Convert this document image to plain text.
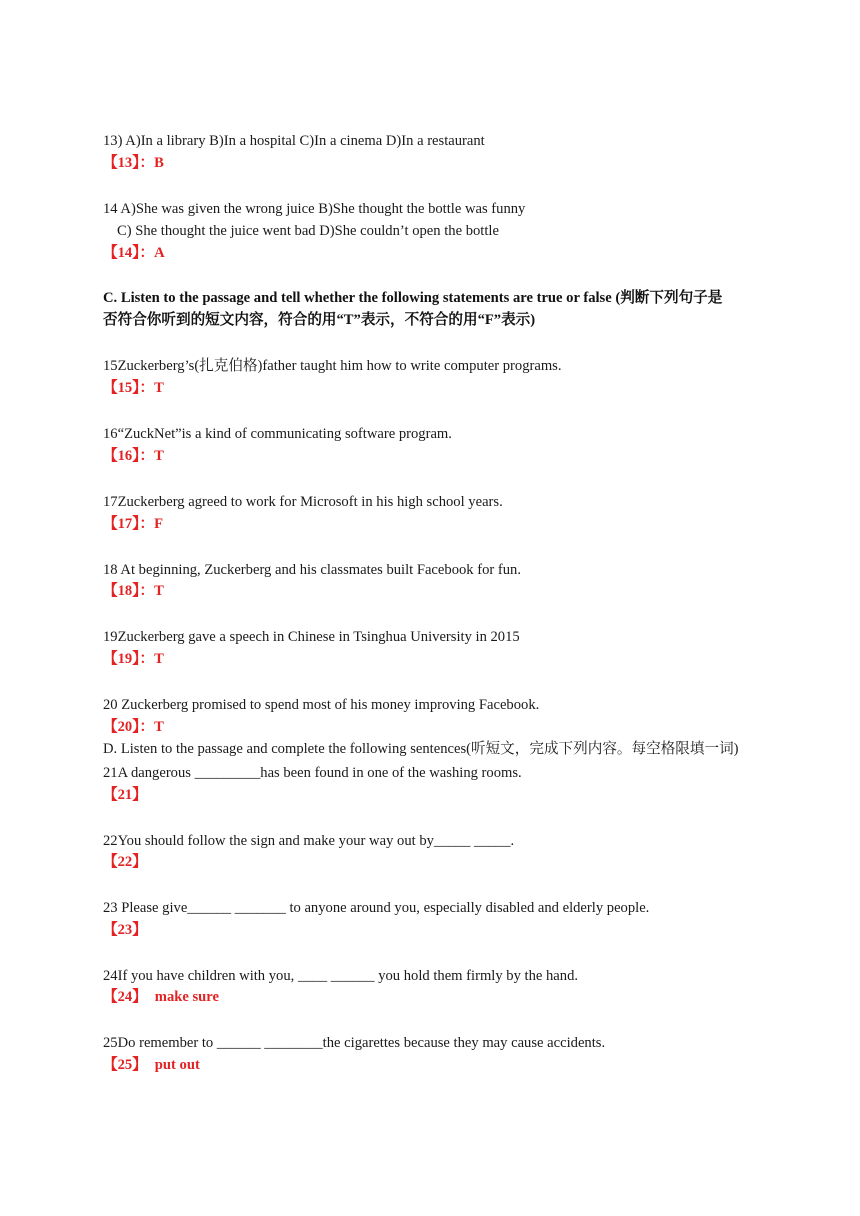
13) A)In a library B)In a hospital C)In a cinema D)In a restaurant
【13】：B
14 A)She was given the wrong juice B)She thought the bottle was funny
C) She thought the juice went bad D)She couldn’t open the bottle
【14】：A
C. Listen to the passage and tell whether the following statements are true or false (判断下列句子是
否符合你听到的短文内容，符合的用“T”表示，不符合的用“F”表示)
15Zuckerberg’s(扎克伯格)father taught him how to write computer programs.
【15】：T
16“ZuckNet”is a kind of communicating software program.
【16】：T
17Zuckerberg agreed to work for Microsoft in his high school years.
【17】：F
18 At beginning, Zuckerberg and his classmates built Facebook for fun.
【18】：T
19Zuckerberg gave a speech in Chinese in Tsinghua University in 2015
【19】：T
20 Zuckerberg promised to spend most of his money improving Facebook.
【20】：T
D. Listen to the passage and complete the following sentences(听短文，完成下列内容。每空格限填一词)
21A dangerous _________has been found in one of the washing rooms.
【21】
22You should follow the sign and make your way out by_____ _____.
【22】
23 Please give______ _______ to anyone around you, especially disabled and elderly people.
【23】
24If you have children with you, ____ ______ you hold them firmly by the hand.
【24】 make sure
25Do remember to ______ ________the cigarettes because they may cause accidents.
【25】 put out
